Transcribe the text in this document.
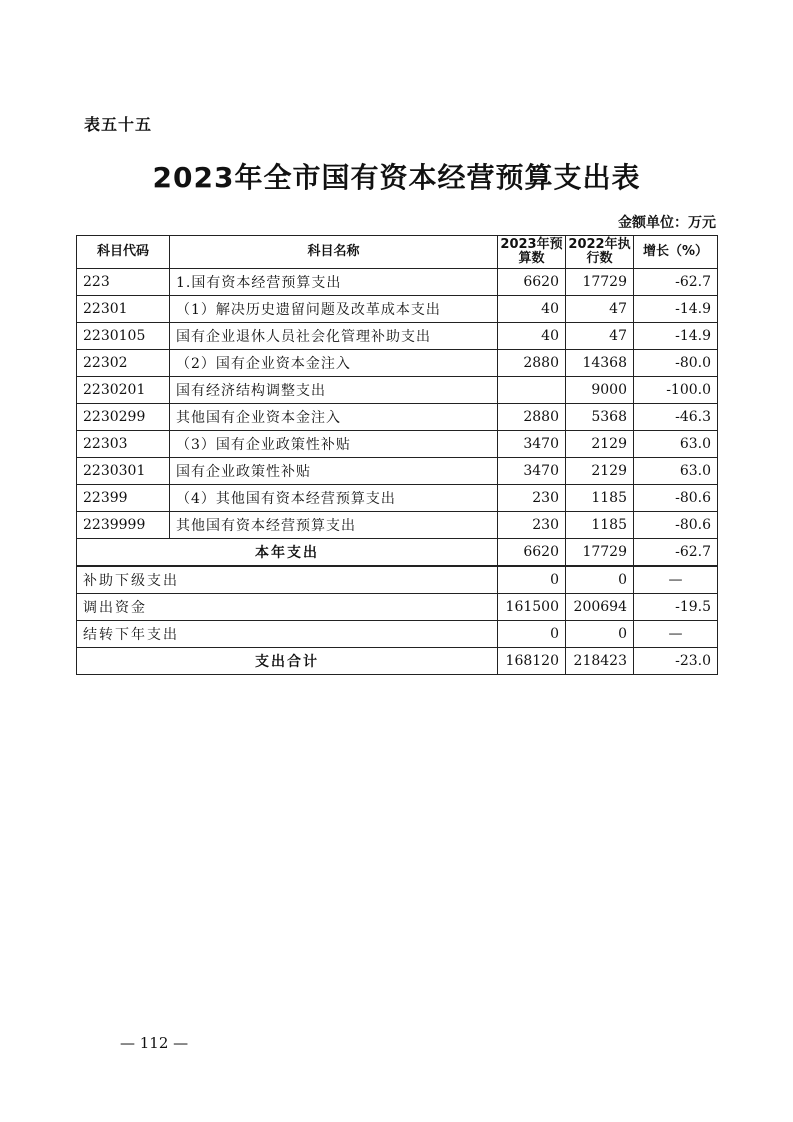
表五十五
2023年全市国有资本经营预算支出表
金额单位：万元
科目代码	科目名称	2023年预算数	2022年执行数	增长（%）
223	1.国有资本经营预算支出	6620	17729	-62.7
22301	（1）解决历史遗留问题及改革成本支出	40	47	-14.9
2230105	国有企业退休人员社会化管理补助支出	40	47	-14.9
22302	（2）国有企业资本金注入	2880	14368	-80.0
2230201	国有经济结构调整支出		9000	-100.0
2230299	其他国有企业资本金注入	2880	5368	-46.3
22303	（3）国有企业政策性补贴	3470	2129	63.0
2230301	国有企业政策性补贴	3470	2129	63.0
22399	（4）其他国有资本经营预算支出	230	1185	-80.6
2239999	其他国有资本经营预算支出	230	1185	-80.6
本年支出		6620	17729	-62.7
补助下级支出		0	0	—
调出资金		161500	200694	-19.5
结转下年支出		0	0	—
支出合计		168120	218423	-23.0
— 112 —
